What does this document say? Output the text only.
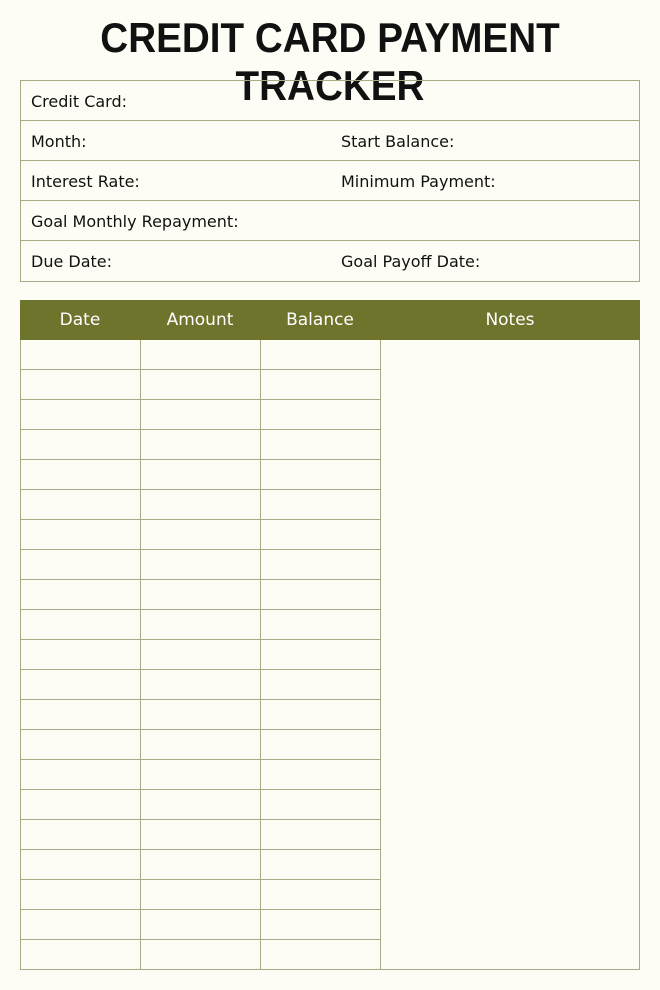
CREDIT CARD PAYMENT TRACKER
Credit Card:
Month:	Start Balance:
Interest Rate:	Minimum Payment:
Goal Monthly Repayment:
Due Date:	Goal Payoff Date:
Date	Amount	Balance	Notes
